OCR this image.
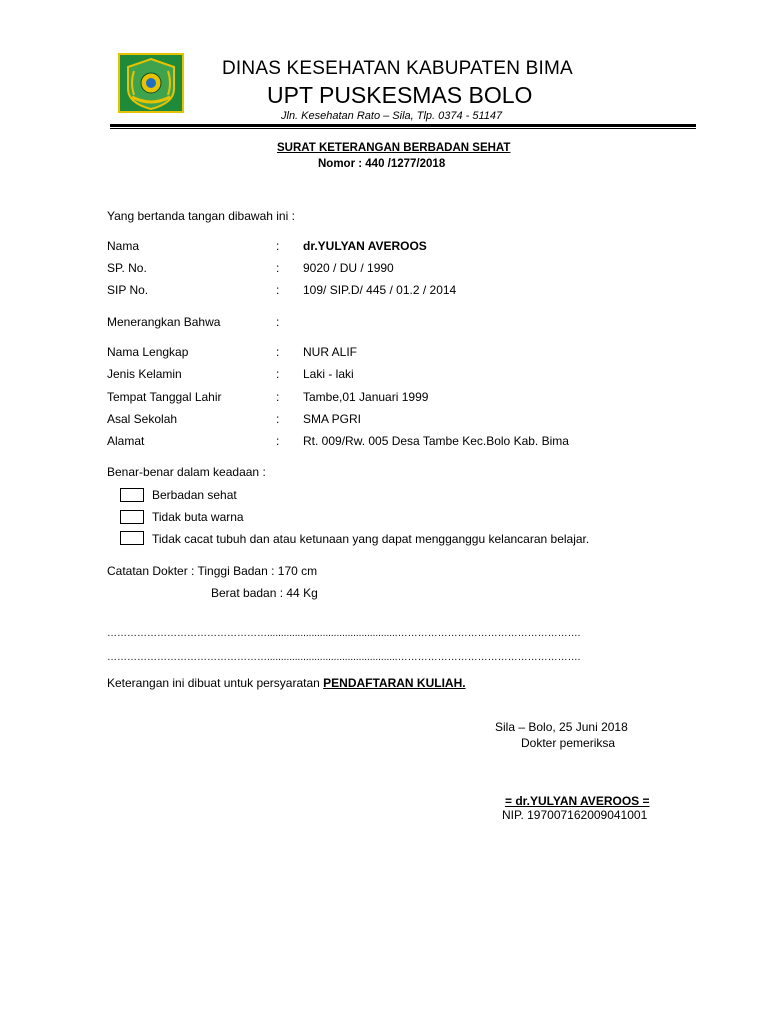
DINAS KESEHATAN KABUPATEN BIMA
UPT PUSKESMAS BOLO
Jln. Kesehatan Rato – Sila, Tlp. 0374 - 51147
SURAT KETERANGAN BERBADAN SEHAT
Nomor : 440 /1277/2018
Yang bertanda tangan dibawah ini :
Nama	: dr.YULYAN AVEROOS
SP. No.	: 9020 / DU / 1990
SIP No.	: 109/ SIP.D/ 445 / 01.2 / 2014
Menerangkan Bahwa	:
Nama Lengkap	: NUR ALIF
Jenis Kelamin	: Laki - laki
Tempat Tanggal Lahir	: Tambe,01 Januari 1999
Asal Sekolah	: SMA PGRI
Alamat	: Rt. 009/Rw. 005 Desa Tambe Kec.Bolo Kab. Bima
Benar-benar dalam keadaan :
Berbadan sehat
Tidak buta warna
Tidak cacat tubuh dan atau ketunaan yang dapat mengganggu kelancaran belajar.
Catatan Dokter : Tinggi Badan : 170 cm
Berat badan : 44 Kg
…………………………………………...............................................……………………………………………….
…………………………………………...............................................……………………………………………….
Keterangan ini dibuat untuk persyaratan PENDAFTARAN KULIAH.
Sila – Bolo, 25 Juni 2018
Dokter pemeriksa
= dr.YULYAN AVEROOS =
NIP. 197007162009041001
